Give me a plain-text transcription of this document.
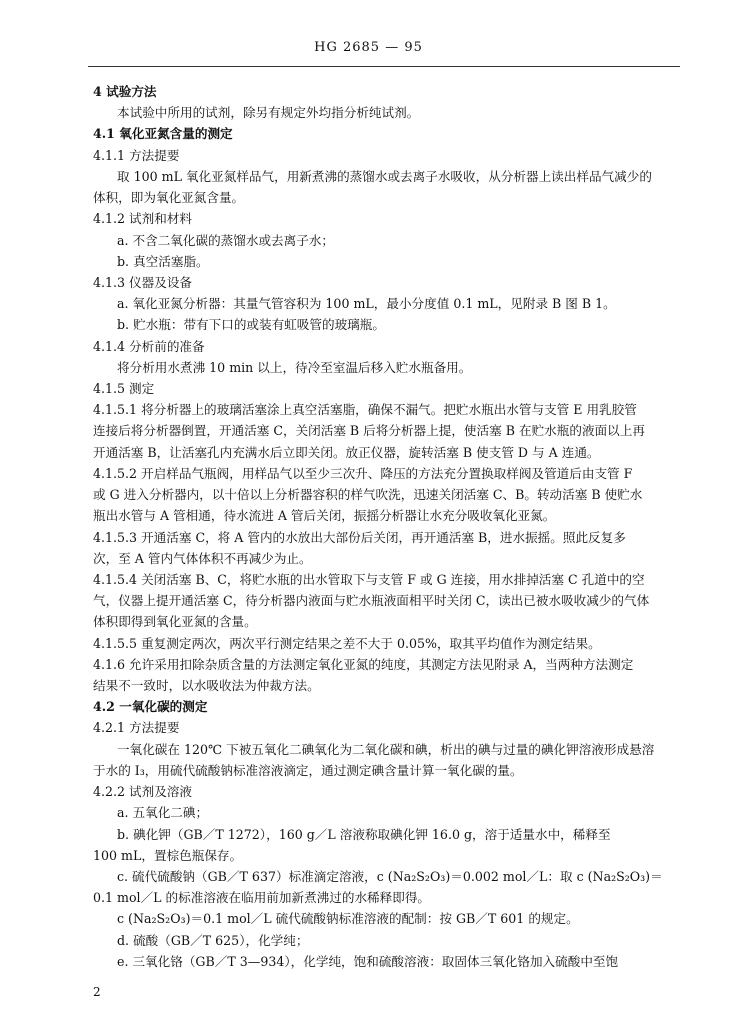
HG 2685 — 95
4 试验方法
本试验中所用的试剂，除另有规定外均指分析纯试剂。
4.1 氧化亚氮含量的测定
4.1.1 方法提要
取 100 mL 氧化亚氮样品气，用新煮沸的蒸馏水或去离子水吸收，从分析器上读出样品气减少的
体积，即为氧化亚氮含量。
4.1.2 试剂和材料
a. 不含二氧化碳的蒸馏水或去离子水；
b. 真空活塞脂。
4.1.3 仪器及设备
a. 氧化亚氮分析器：其量气管容积为 100 mL，最小分度值 0.1 mL，见附录 B 图 B 1。
b. 贮水瓶：带有下口的或装有虹吸管的玻璃瓶。
4.1.4 分析前的准备
将分析用水煮沸 10 min 以上，待冷至室温后移入贮水瓶备用。
4.1.5 测定
4.1.5.1 将分析器上的玻璃活塞涂上真空活塞脂，确保不漏气。把贮水瓶出水管与支管 E 用乳胶管
连接后将分析器倒置，开通活塞 C，关闭活塞 B 后将分析器上提，使活塞 B 在贮水瓶的液面以上再
开通活塞 B，让活塞孔内充满水后立即关闭。放正仪器，旋转活塞 B 使支管 D 与 A 连通。
4.1.5.2 开启样品气瓶阀，用样品气以至少三次升、降压的方法充分置换取样阀及管道后由支管 F
或 G 进入分析器内，以十倍以上分析器容积的样气吹洗，迅速关闭活塞 C、B。转动活塞 B 使贮水
瓶出水管与 A 管相通，待水流进 A 管后关闭，振摇分析器让水充分吸收氧化亚氮。
4.1.5.3 开通活塞 C，将 A 管内的水放出大部份后关闭，再开通活塞 B，进水振摇。照此反复多
次，至 A 管内气体体积不再减少为止。
4.1.5.4 关闭活塞 B、C，将贮水瓶的出水管取下与支管 F 或 G 连接，用水排掉活塞 C 孔道中的空
气，仪器上提开通活塞 C，待分析器内液面与贮水瓶液面相平时关闭 C，读出已被水吸收减少的气体
体积即得到氧化亚氮的含量。
4.1.5.5 重复测定两次，两次平行测定结果之差不大于 0.05%，取其平均值作为测定结果。
4.1.6 允许采用扣除杂质含量的方法测定氧化亚氮的纯度，其测定方法见附录 A，当两种方法测定
结果不一致时，以水吸收法为仲裁方法。
4.2 一氧化碳的测定
4.2.1 方法提要
一氧化碳在 120℃ 下被五氧化二碘氧化为二氧化碳和碘，析出的碘与过量的碘化钾溶液形成悬溶
于水的 I₃，用硫代硫酸钠标准溶液滴定，通过测定碘含量计算一氧化碳的量。
4.2.2 试剂及溶液
a. 五氧化二碘；
b. 碘化钾（GB／T 1272），160 g／L 溶液称取碘化钾 16.0 g，溶于适量水中，稀释至
100 mL，置棕色瓶保存。
c. 硫代硫酸钠（GB／T 637）标准滴定溶液，c (Na₂S₂O₃)＝0.002 mol／L：取 c (Na₂S₂O₃)＝
0.1 mol／L 的标准溶液在临用前加新煮沸过的水稀释即得。
c (Na₂S₂O₃)＝0.1 mol／L 硫代硫酸钠标准溶液的配制：按 GB／T 601 的规定。
d. 硫酸（GB／T 625），化学纯；
e. 三氧化铬（GB／T 3—934），化学纯，饱和硫酸溶液：取固体三氧化铬加入硫酸中至饱
2
